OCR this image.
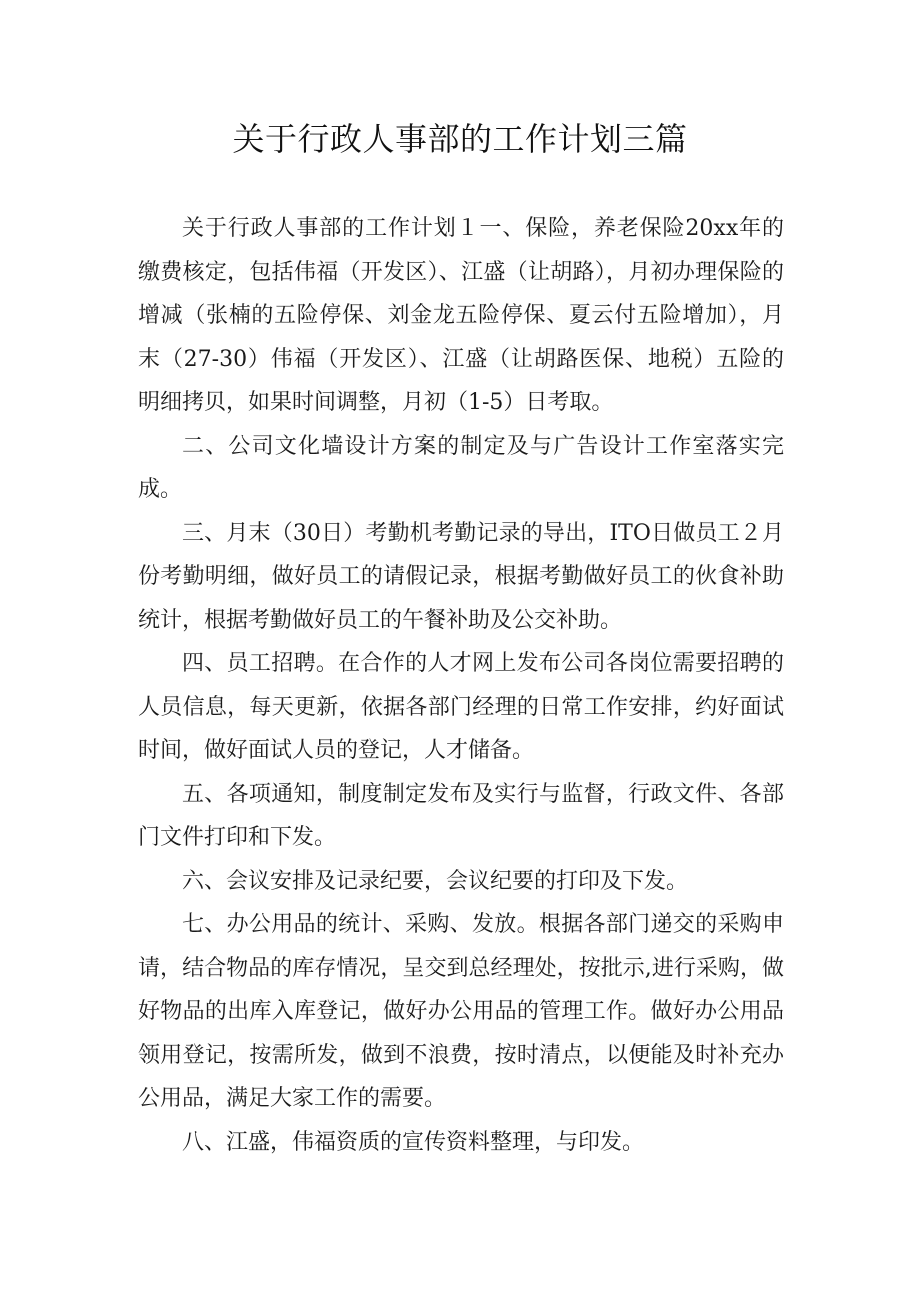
关于行政人事部的工作计划三篇

关于行政人事部的工作计划１一、保险，养老保险20xx年的缴费核定，包括伟福（开发区）、江盛（让胡路），月初办理保险的增减（张楠的五险停保、刘金龙五险停保、夏云付五险增加），月末（27-30）伟福（开发区）、江盛（让胡路医保、地税）五险的明细拷贝，如果时间调整，月初（1-5）日考取。

二、公司文化墙设计方案的制定及与广告设计工作室落实完成。

三、月末（30日）考勤机考勤记录的导出，ITO日做员工２月份考勤明细，做好员工的请假记录，根据考勤做好员工的伙食补助统计，根据考勤做好员工的午餐补助及公交补助。

四、员工招聘。在合作的人才网上发布公司各岗位需要招聘的人员信息，每天更新，依据各部门经理的日常工作安排，约好面试时间，做好面试人员的登记，人才储备。

五、各项通知，制度制定发布及实行与监督，行政文件、各部门文件打印和下发。

六、会议安排及记录纪要，会议纪要的打印及下发。

七、办公用品的统计、采购、发放。根据各部门递交的采购申请，结合物品的库存情况，呈交到总经理处，按批示,进行采购，做好物品的出库入库登记，做好办公用品的管理工作。做好办公用品领用登记，按需所发，做到不浪费，按时清点，以便能及时补充办公用品，满足大家工作的需要。

八、江盛，伟福资质的宣传资料整理，与印发。
